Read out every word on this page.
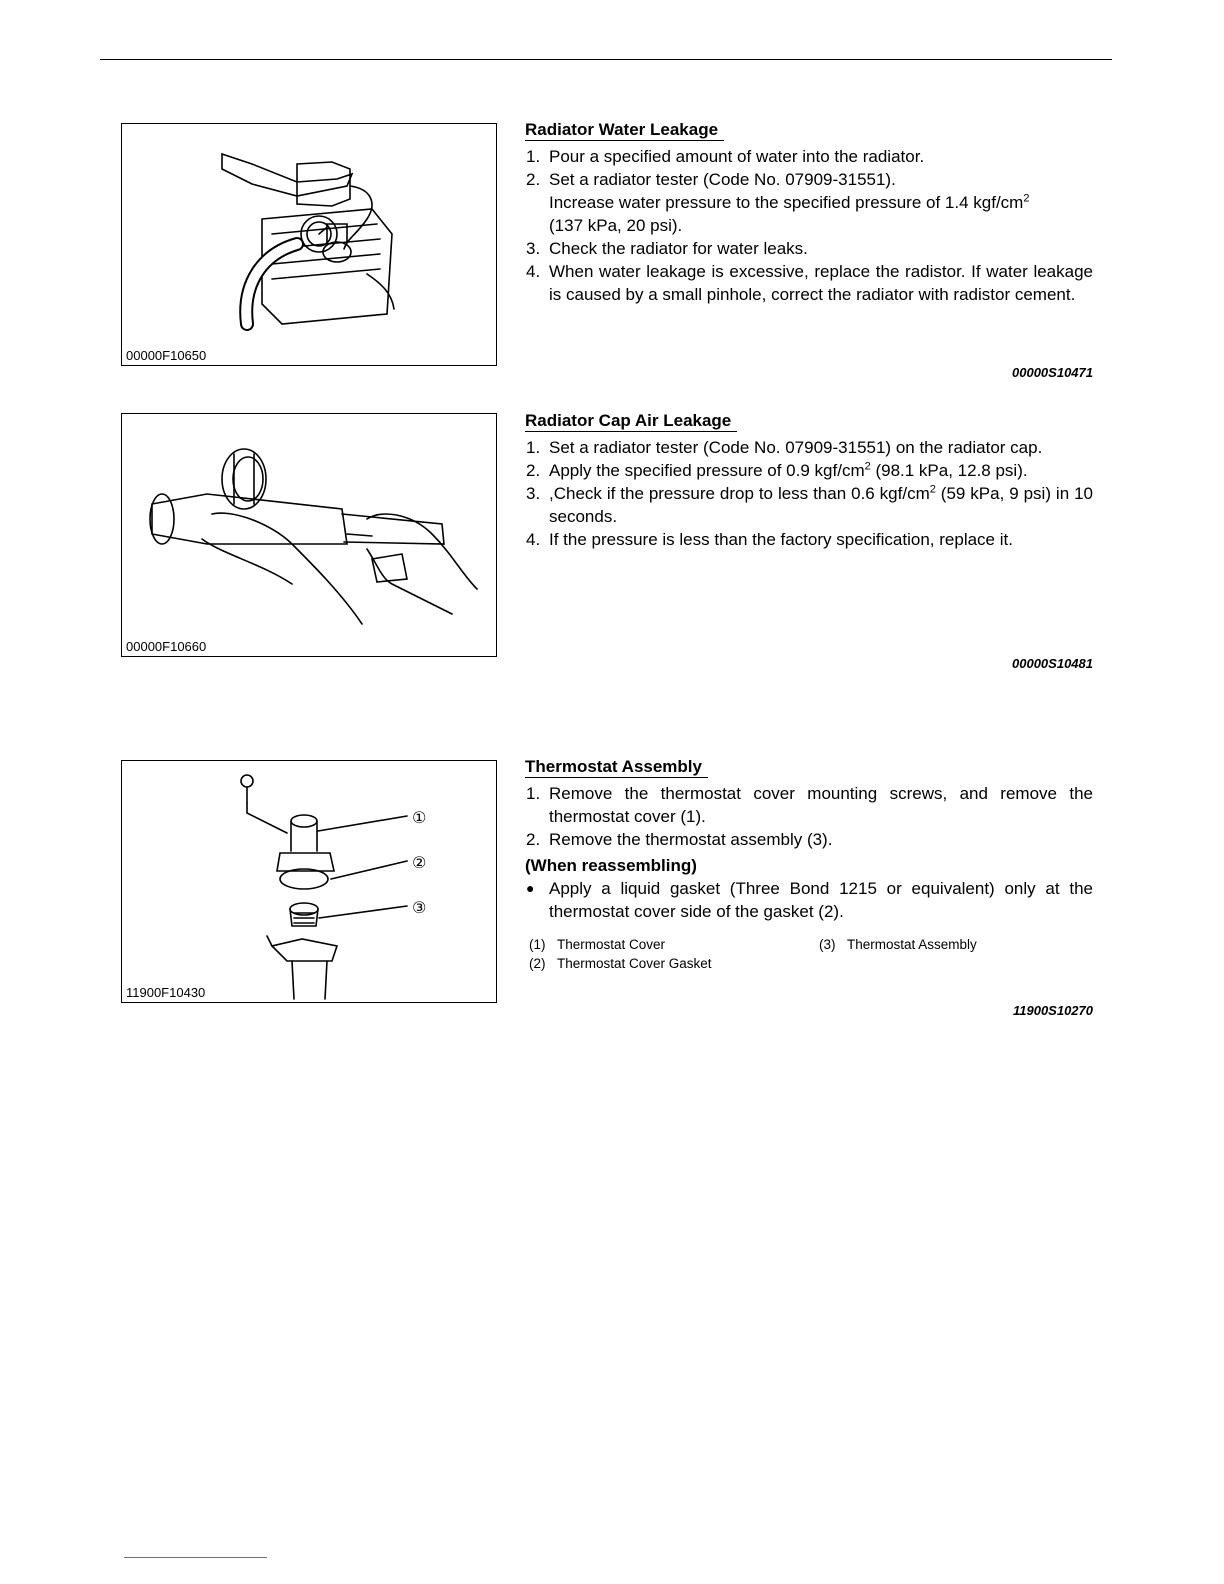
00000F10650
Radiator Water Leakage
1. Pour a specified amount of water into the radiator.
2. Set a radiator tester (Code No. 07909-31551).
Increase water pressure to the specified pressure of 1.4 kgf/$cm^2$
(137 kPa, 20 psi).
3. Check the radiator for water leaks.
4. When water leakage is excessive, replace the radistor. If water leakage is caused by a small pinhole, correct the radiator with radistor cement.
00000S10471
00000F10660
Radiator Cap Air Leakage
1. Set a radiator tester (Code No. 07909-31551) on the radiator cap.
2. Apply the specified pressure of 0.9 kgf/$cm^2$ (98.1 kPa, 12.8 psi).
3. ,Check if the pressure drop to less than 0.6 kgf/$cm^2$ (59 kPa, 9 psi) in 10 seconds.
4. If the pressure is less than the factory specification, replace it.
00000S10481
①
②
③
11900F10430
Thermostat Assembly
1. Remove the thermostat cover mounting screws, and remove the thermostat cover (1).
2. Remove the thermostat assembly (3).
(When reassembling)
● Apply a liquid gasket (Three Bond 1215 or equivalent) only at the thermostat cover side of the gasket (2).
(1) Thermostat Cover	(3) Thermostat Assembly
(2) Thermostat Cover Gasket
11900S10270
